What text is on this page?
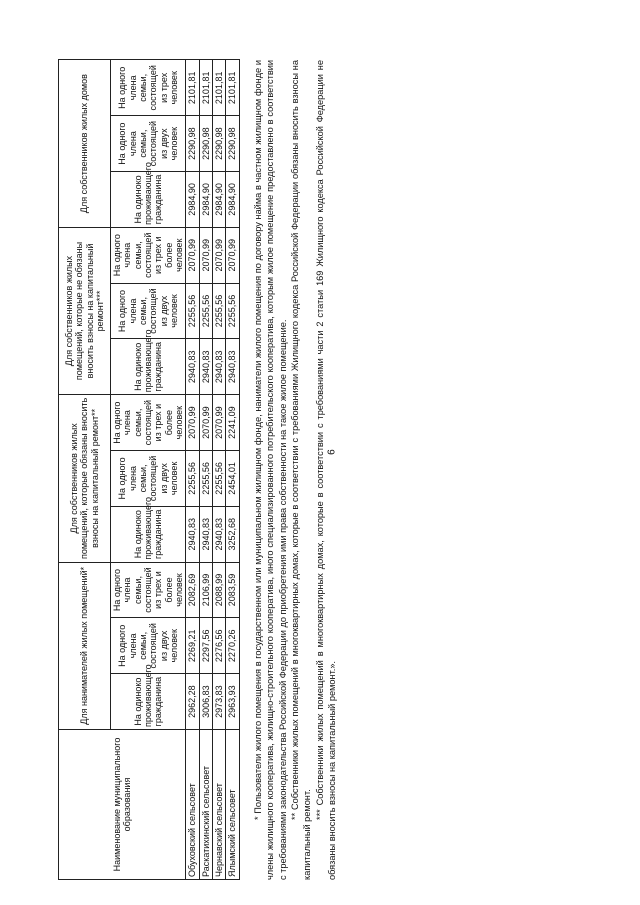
9
Наименование муниципального образования	Для нанимателей жилых помещений*			Для собственников жилых помещений, которые обязаны вносить взносы на капитальный ремонт**			Для собственников жилых помещений, которые не обязаны вносить взносы на капитальный ремонт***			Для собственников жилых домов		
	На одиноко проживающего гражданина	На одного члена семьи, состоящей из двух человек	На одного члена семьи, состоящей из трех и более человек	На одиноко проживающего гражданина	На одного члена семьи, состоящей из двух человек	На одного члена семьи, состоящей из трех и более человек	На одиноко проживающего гражданина	На одного члена семьи, состоящей из двух человек	На одного члена семьи, состоящей из трех и более человек	На одиноко проживающего гражданина	На одного члена семьи, состоящей из двух человек	На одного члена семьи, состоящей из трех человек
Обуховский сельсовет	2962,28	2269,21	2082,69	2940,83	2255,56	2070,99	2940,83	2255,56	2070,99	2984,90	2290,98	2101,81
Раскатихинский сельсовет	3006,83	2297,56	2106,99	2940,83	2255,56	2070,99	2940,83	2255,56	2070,99	2984,90	2290,98	2101,81
Чернавский сельсовет	2973,83	2276,56	2088,99	2940,83	2255,56	2070,99	2940,83	2255,56	2070,99	2984,90	2290,98	2101,81
Ялымский сельсовет	2963,93	2270,26	2083,59	3252,68	2454,01	2241,09	2940,83	2255,56	2070,99	2984,90	2290,98	2101,81 * Пользователи жилого помещения в государственном или муниципальном жилищном фонде, наниматели жилого помещения по договору найма в частном жилищном фонде и члены жилищного кооператива, жилищно-строительного кооператива, иного специализированного потребительского кооператива, которым жилое помещение предоставлено в соответствии с требованиями законодательства Российской Федерации до приобретения ими права собственности на такое жилое помещение. ** Собственники жилых помещений в многоквартирных домах, которые в соответствии с требованиями Жилищного кодекса Российской Федерации обязаны вносить взносы на капитальный ремонт.

*** Собственники жилых помещений в многоквартирных домах, которые в соответствии с требованиями части 2 статьи 169 Жилищного кодекса Российской Федерации не обязаны вносить взносы на капитальный ремонт.».
